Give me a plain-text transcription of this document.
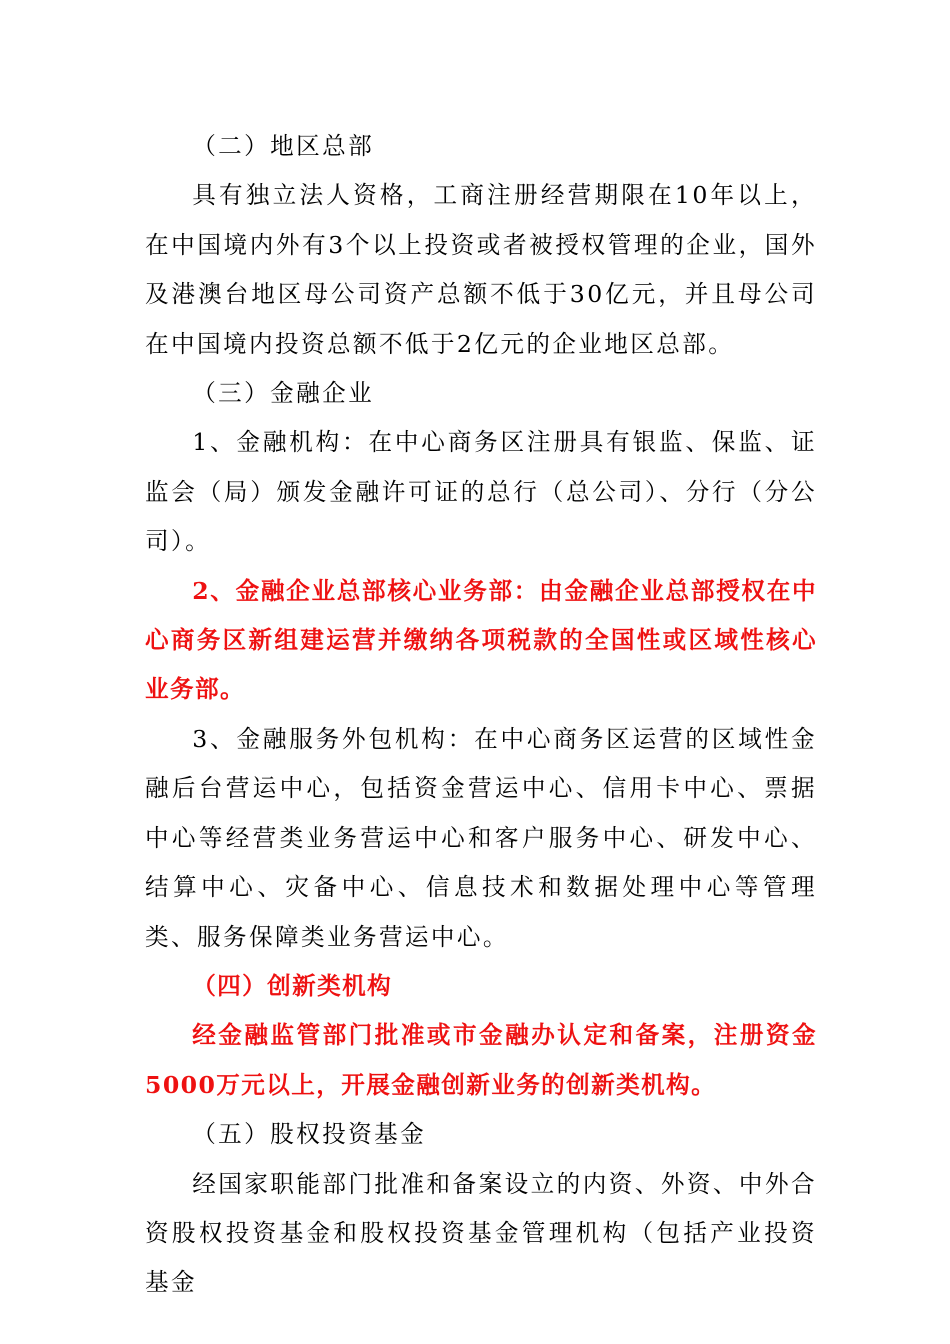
（二）地区总部

具有独立法人资格，工商注册经营期限在10年以上，在中国境内外有3个以上投资或者被授权管理的企业，国外及港澳台地区母公司资产总额不低于30亿元，并且母公司在中国境内投资总额不低于2亿元的企业地区总部。

（三）金融企业

1、金融机构：在中心商务区注册具有银监、保监、证监会（局）颁发金融许可证的总行（总公司）、分行（分公司）。

2、金融企业总部核心业务部：由金融企业总部授权在中心商务区新组建运营并缴纳各项税款的全国性或区域性核心业务部。

3、金融服务外包机构：在中心商务区运营的区域性金融后台营运中心，包括资金营运中心、信用卡中心、票据中心等经营类业务营运中心和客户服务中心、研发中心、结算中心、灾备中心、信息技术和数据处理中心等管理类、服务保障类业务营运中心。

（四）创新类机构

经金融监管部门批准或市金融办认定和备案，注册资金5000万元以上，开展金融创新业务的创新类机构。

（五）股权投资基金

经国家职能部门批准和备案设立的内资、外资、中外合资股权投资基金和股权投资基金管理机构（包括产业投资基金
